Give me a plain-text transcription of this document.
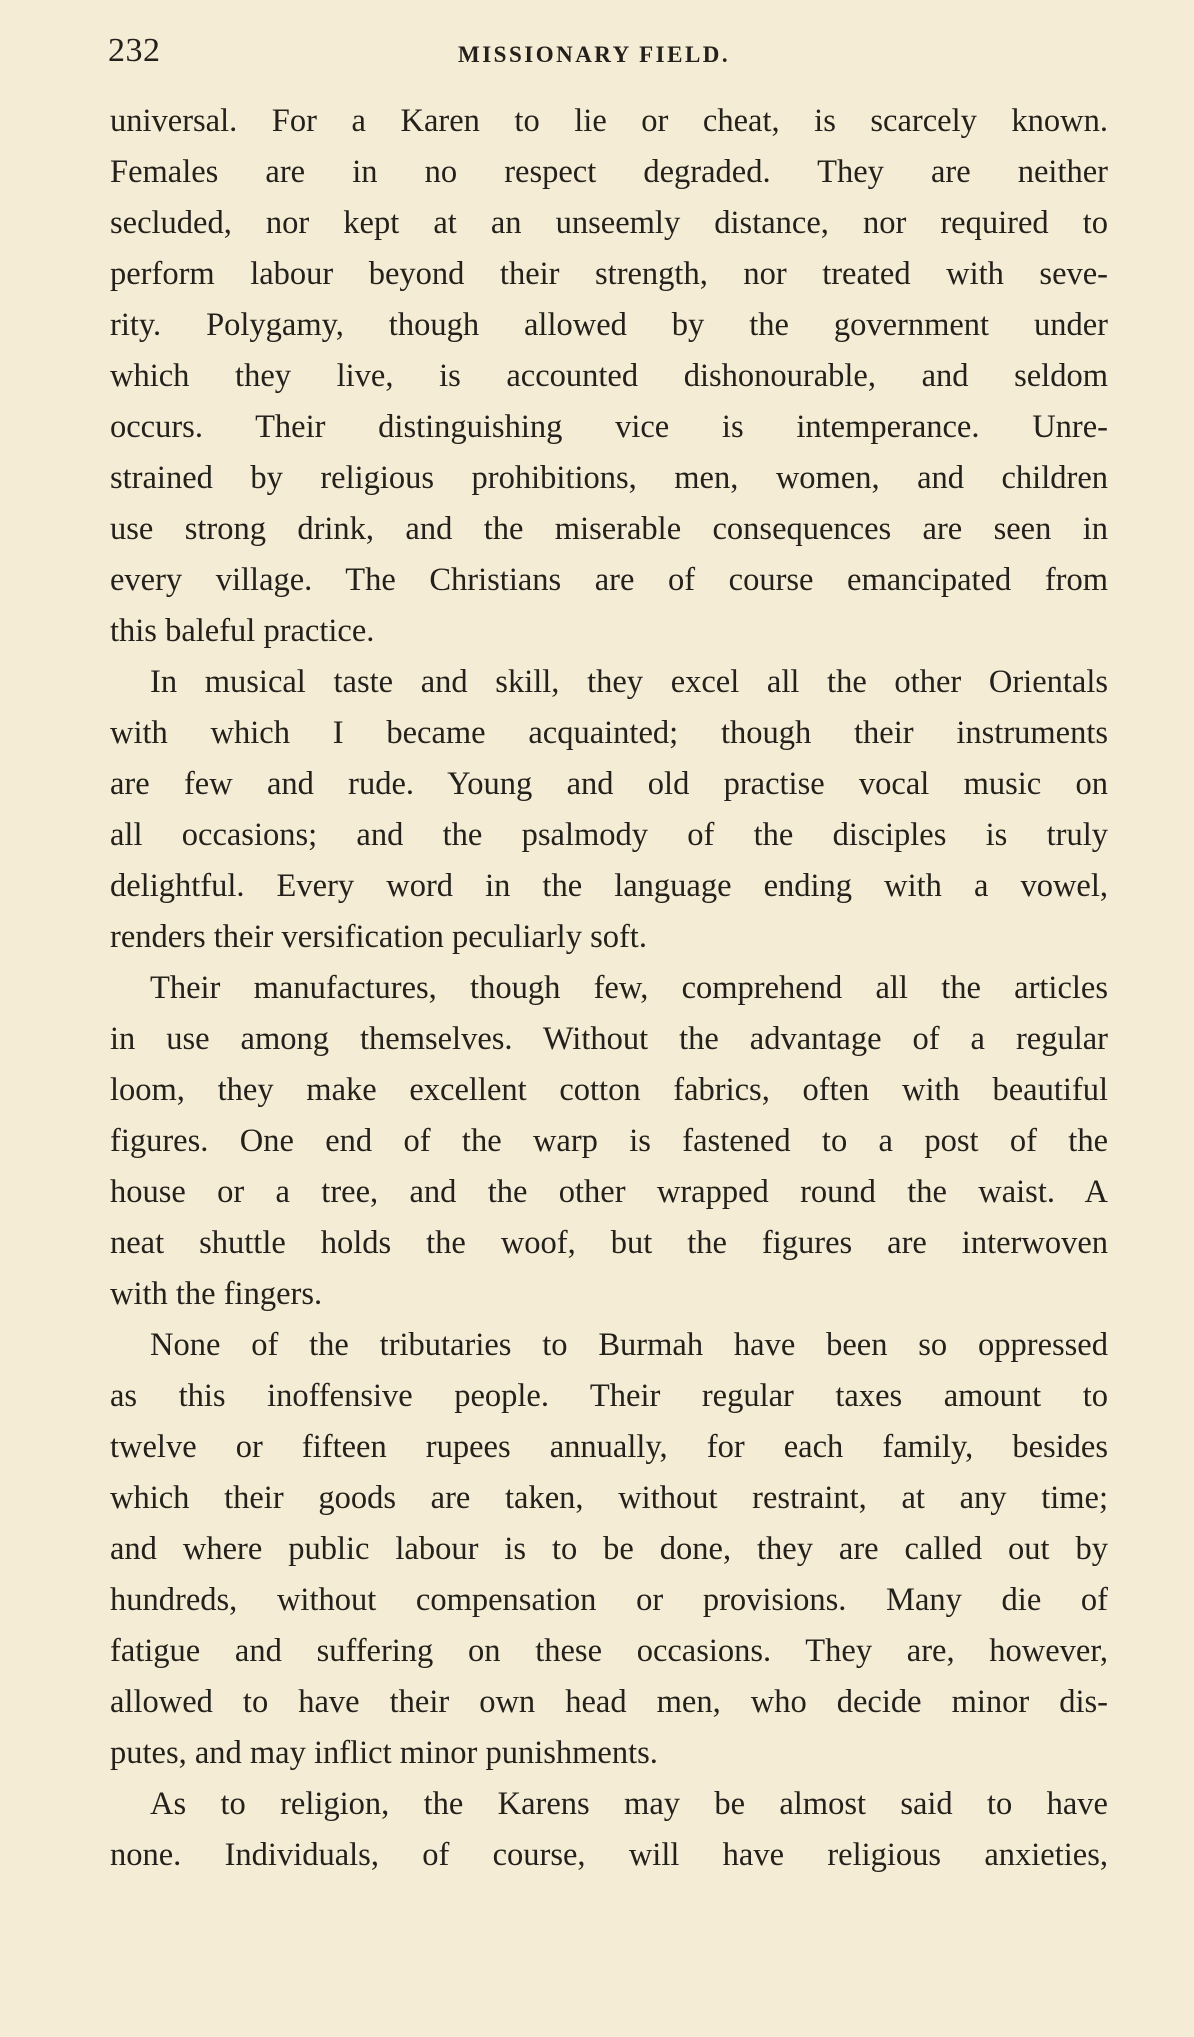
232	MISSIONARY FIELD.
universal. For a Karen to lie or cheat, is scarcely known.
Females are in no respect degraded. They are neither
secluded, nor kept at an unseemly distance, nor required to
perform labour beyond their strength, nor treated with seve-
rity. Polygamy, though allowed by the government under
which they live, is accounted dishonourable, and seldom
occurs. Their distinguishing vice is intemperance. Unre-
strained by religious prohibitions, men, women, and children
use strong drink, and the miserable consequences are seen in
every village. The Christians are of course emancipated from
this baleful practice.
In musical taste and skill, they excel all the other Orientals
with which I became acquainted; though their instruments
are few and rude. Young and old practise vocal music on
all occasions; and the psalmody of the disciples is truly
delightful. Every word in the language ending with a vowel,
renders their versification peculiarly soft.
Their manufactures, though few, comprehend all the articles
in use among themselves. Without the advantage of a regular
loom, they make excellent cotton fabrics, often with beautiful
figures. One end of the warp is fastened to a post of the
house or a tree, and the other wrapped round the waist. A
neat shuttle holds the woof, but the figures are interwoven
with the fingers.
None of the tributaries to Burmah have been so oppressed
as this inoffensive people. Their regular taxes amount to
twelve or fifteen rupees annually, for each family, besides
which their goods are taken, without restraint, at any time;
and where public labour is to be done, they are called out by
hundreds, without compensation or provisions. Many die of
fatigue and suffering on these occasions. They are, however,
allowed to have their own head men, who decide minor dis-
putes, and may inflict minor punishments.
As to religion, the Karens may be almost said to have
none. Individuals, of course, will have religious anxieties,
